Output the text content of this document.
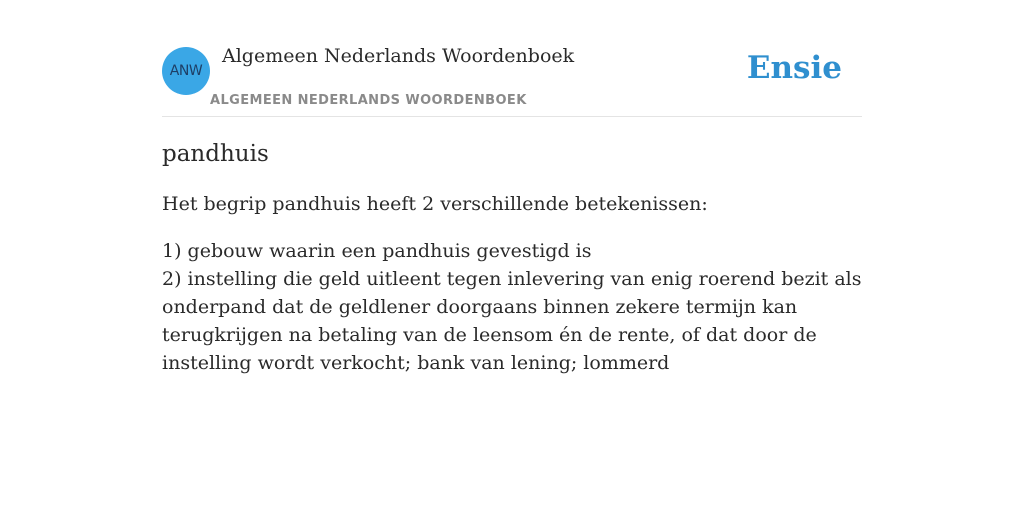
ANW
Algemeen Nederlands Woordenboek
ALGEMEEN NEDERLANDS WOORDENBOEK
Ensie
pandhuis

Het begrip pandhuis heeft 2 verschillende betekenissen:

1) gebouw waarin een pandhuis gevestigd is
2) instelling die geld uitleent tegen inlevering van enig roerend bezit als onderpand dat de geldlener doorgaans binnen zekere termijn kan terugkrijgen na betaling van de leensom én de rente, of dat door de instelling wordt verkocht; bank van lening; lommerd
